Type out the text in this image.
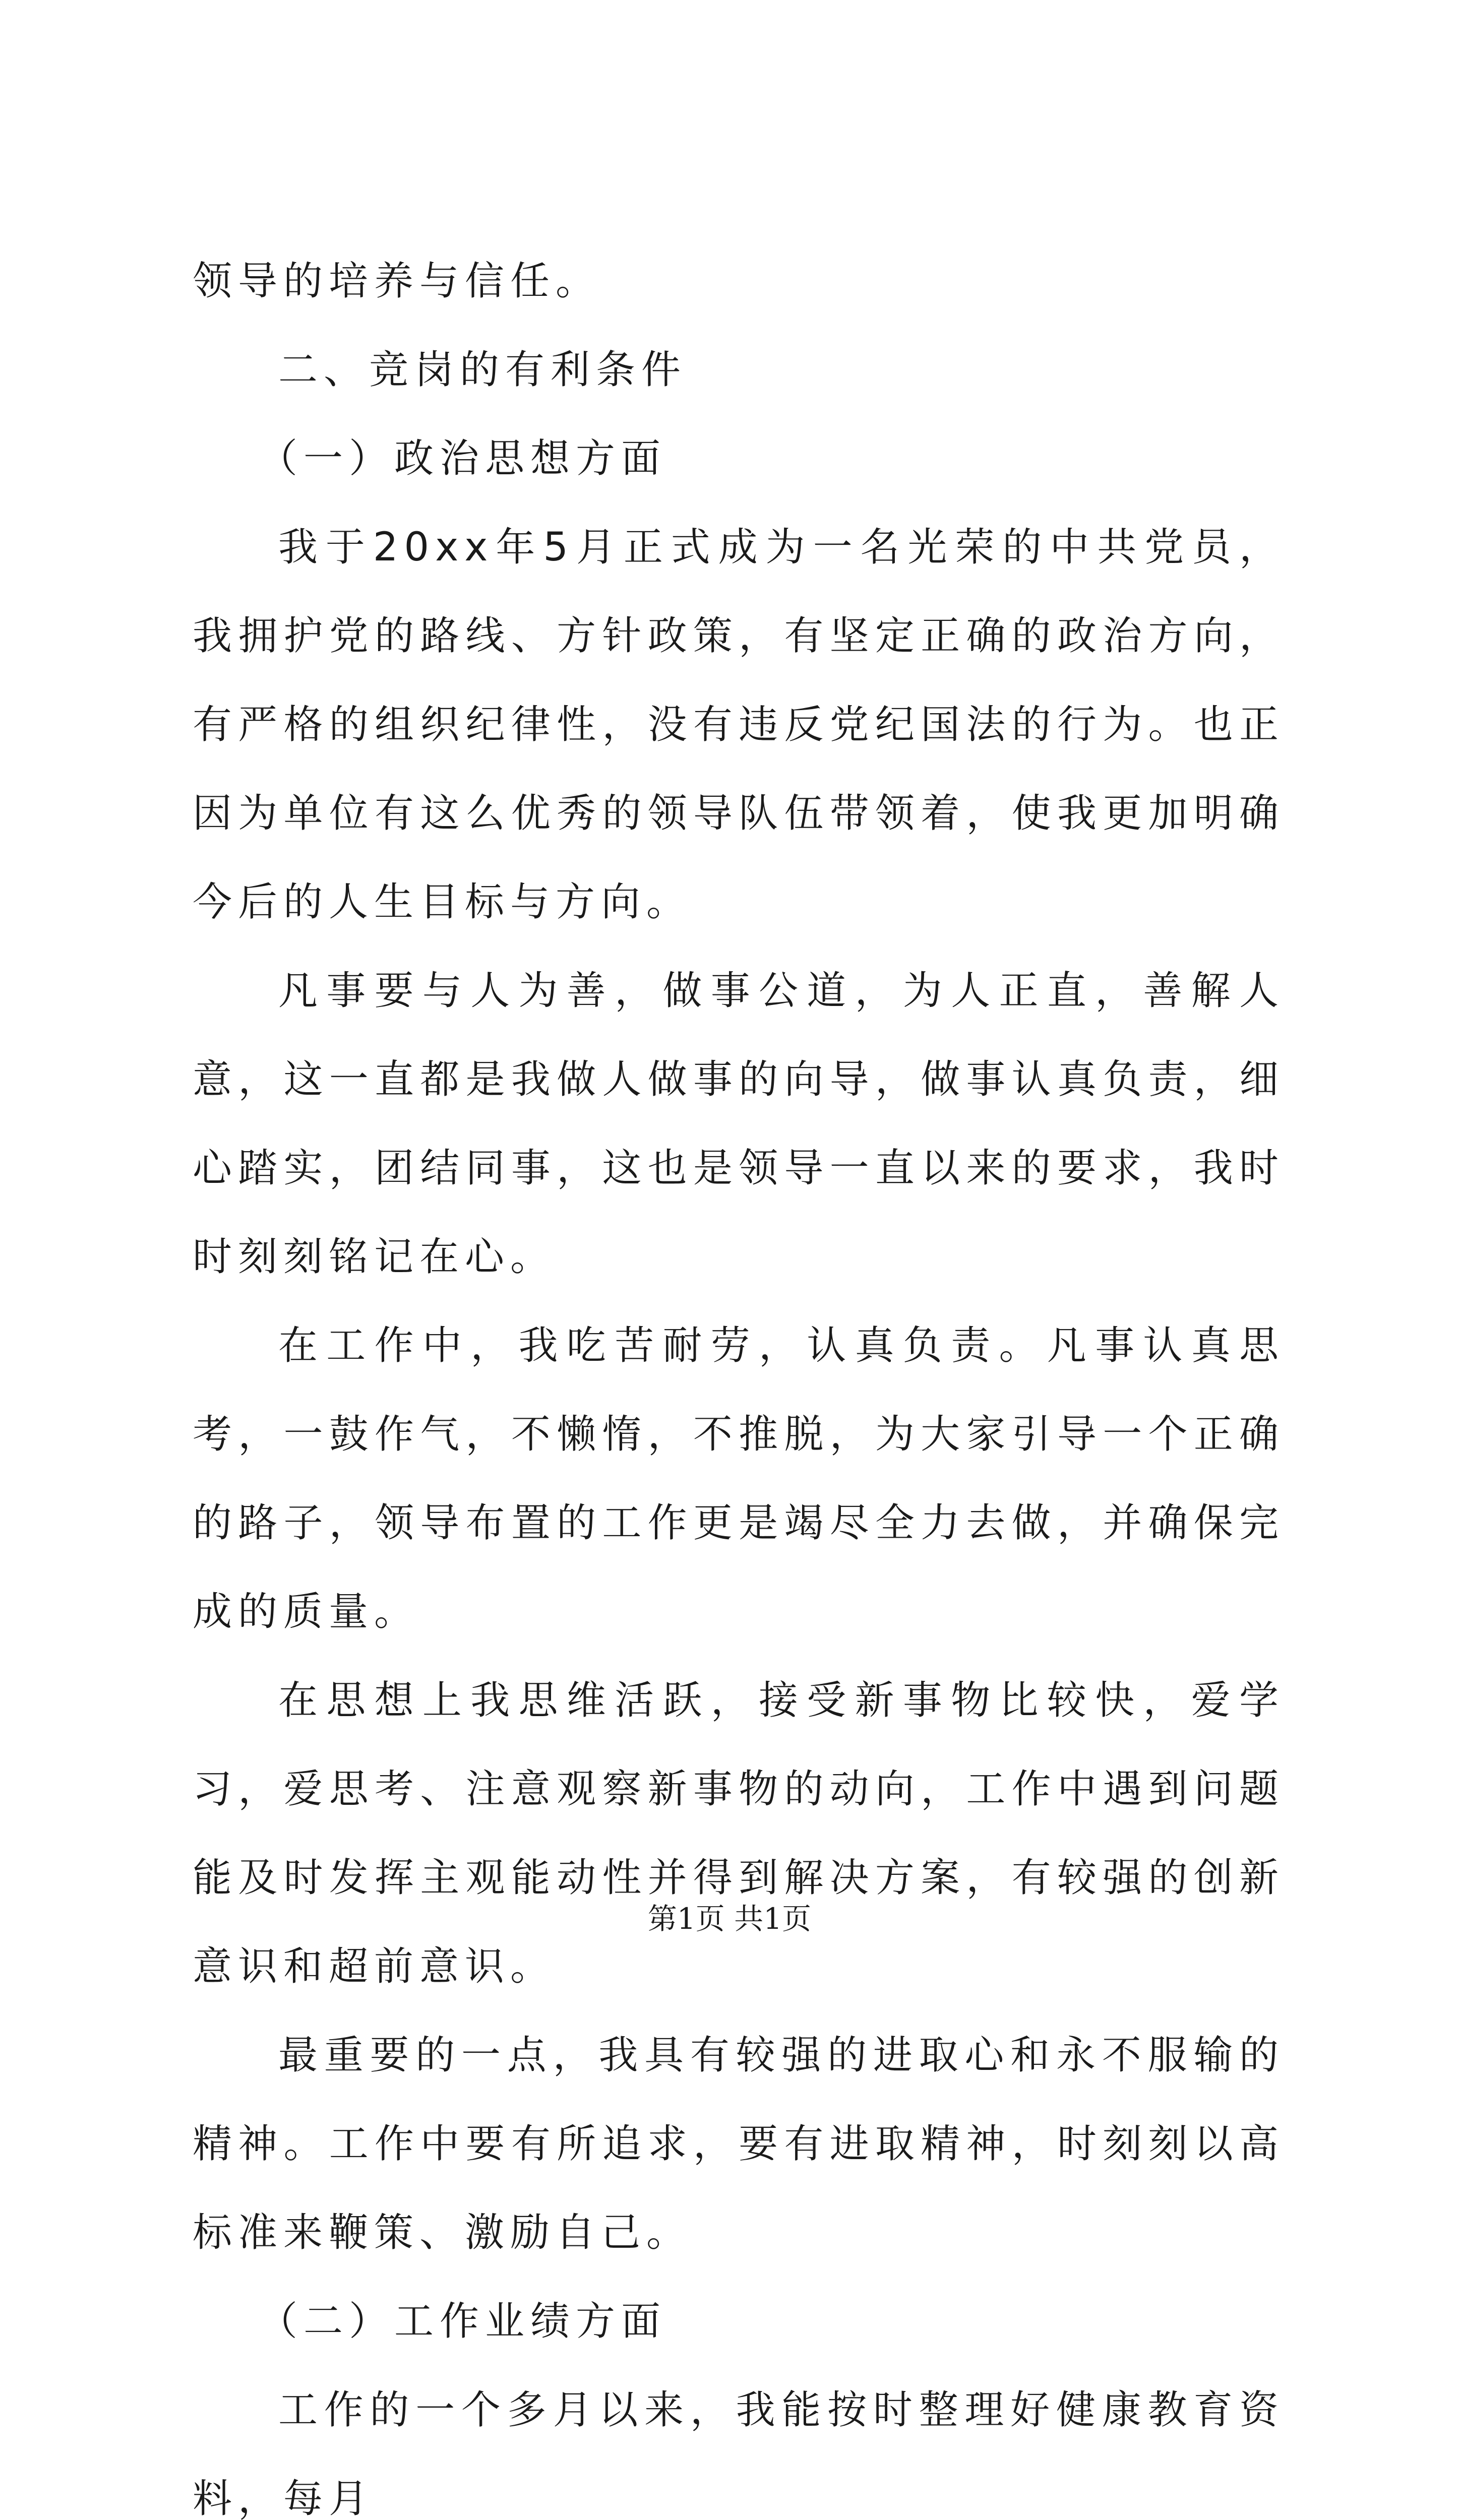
领导的培养与信任。

二、竞岗的有利条件

（一）政治思想方面

我于20xx年5月正式成为一名光荣的中共党员，我拥护党的路线、方针政策，有坚定正确的政治方向，有严格的组织纪律性，没有违反党纪国法的行为。也正因为单位有这么优秀的领导队伍带领着，使我更加明确今后的人生目标与方向。

凡事要与人为善，做事公道，为人正直，善解人意，这一直都是我做人做事的向导，做事认真负责，细心踏实，团结同事，这也是领导一直以来的要求，我时时刻刻铭记在心。

在工作中，我吃苦耐劳，认真负责。凡事认真思考，一鼓作气，不懒惰，不推脱，为大家引导一个正确的路子，领导布置的工作更是竭尽全力去做，并确保完成的质量。

在思想上我思维活跃，接受新事物比较快，爱学习，爱思考、注意观察新事物的动向，工作中遇到问题能及时发挥主观能动性并得到解决方案，有较强的创新意识和超前意识。

最重要的一点，我具有较强的进取心和永不服输的精神。工作中要有所追求，要有进取精神，时刻刻以高标准来鞭策、激励自己。

（二）工作业绩方面

工作的一个多月以来，我能按时整理好健康教育资料，每月

第1页 共1页
